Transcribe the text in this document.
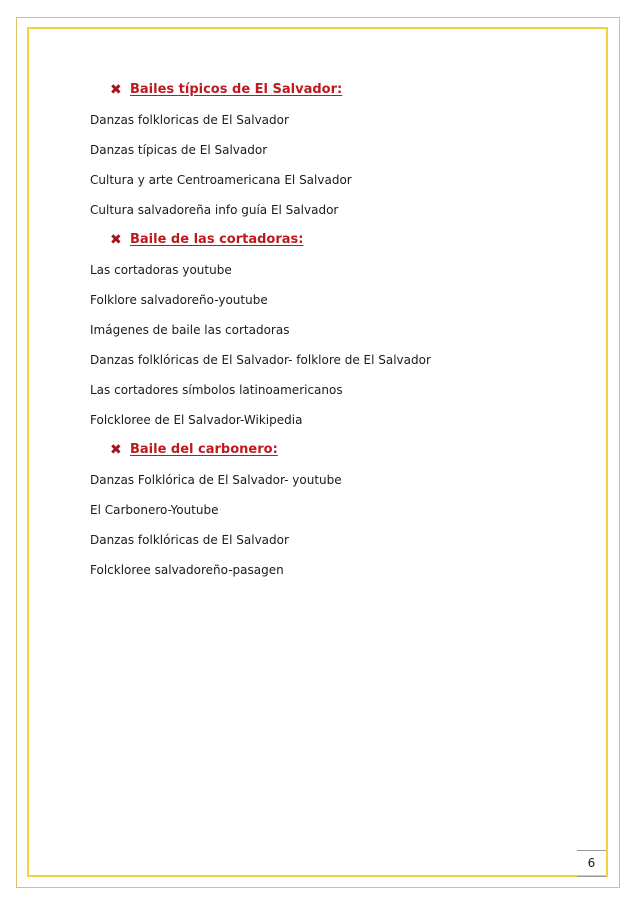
✖ Bailes típicos de El Salvador:
Danzas folkloricas de El Salvador
Danzas típicas de El Salvador
Cultura y arte Centroamericana El Salvador
Cultura salvadoreña info guía El Salvador
✖ Baile de las cortadoras:
Las cortadoras youtube
Folklore salvadoreño-youtube
Imágenes de baile las cortadoras
Danzas folklóricas de El Salvador- folklore de El Salvador
Las cortadores símbolos latinoamericanos
Folckloree de El Salvador-Wikipedia
✖ Baile del carbonero:
Danzas Folklórica de El Salvador- youtube
El Carbonero-Youtube
Danzas folklóricas de El Salvador
Folckloree salvadoreño-pasagen
6
